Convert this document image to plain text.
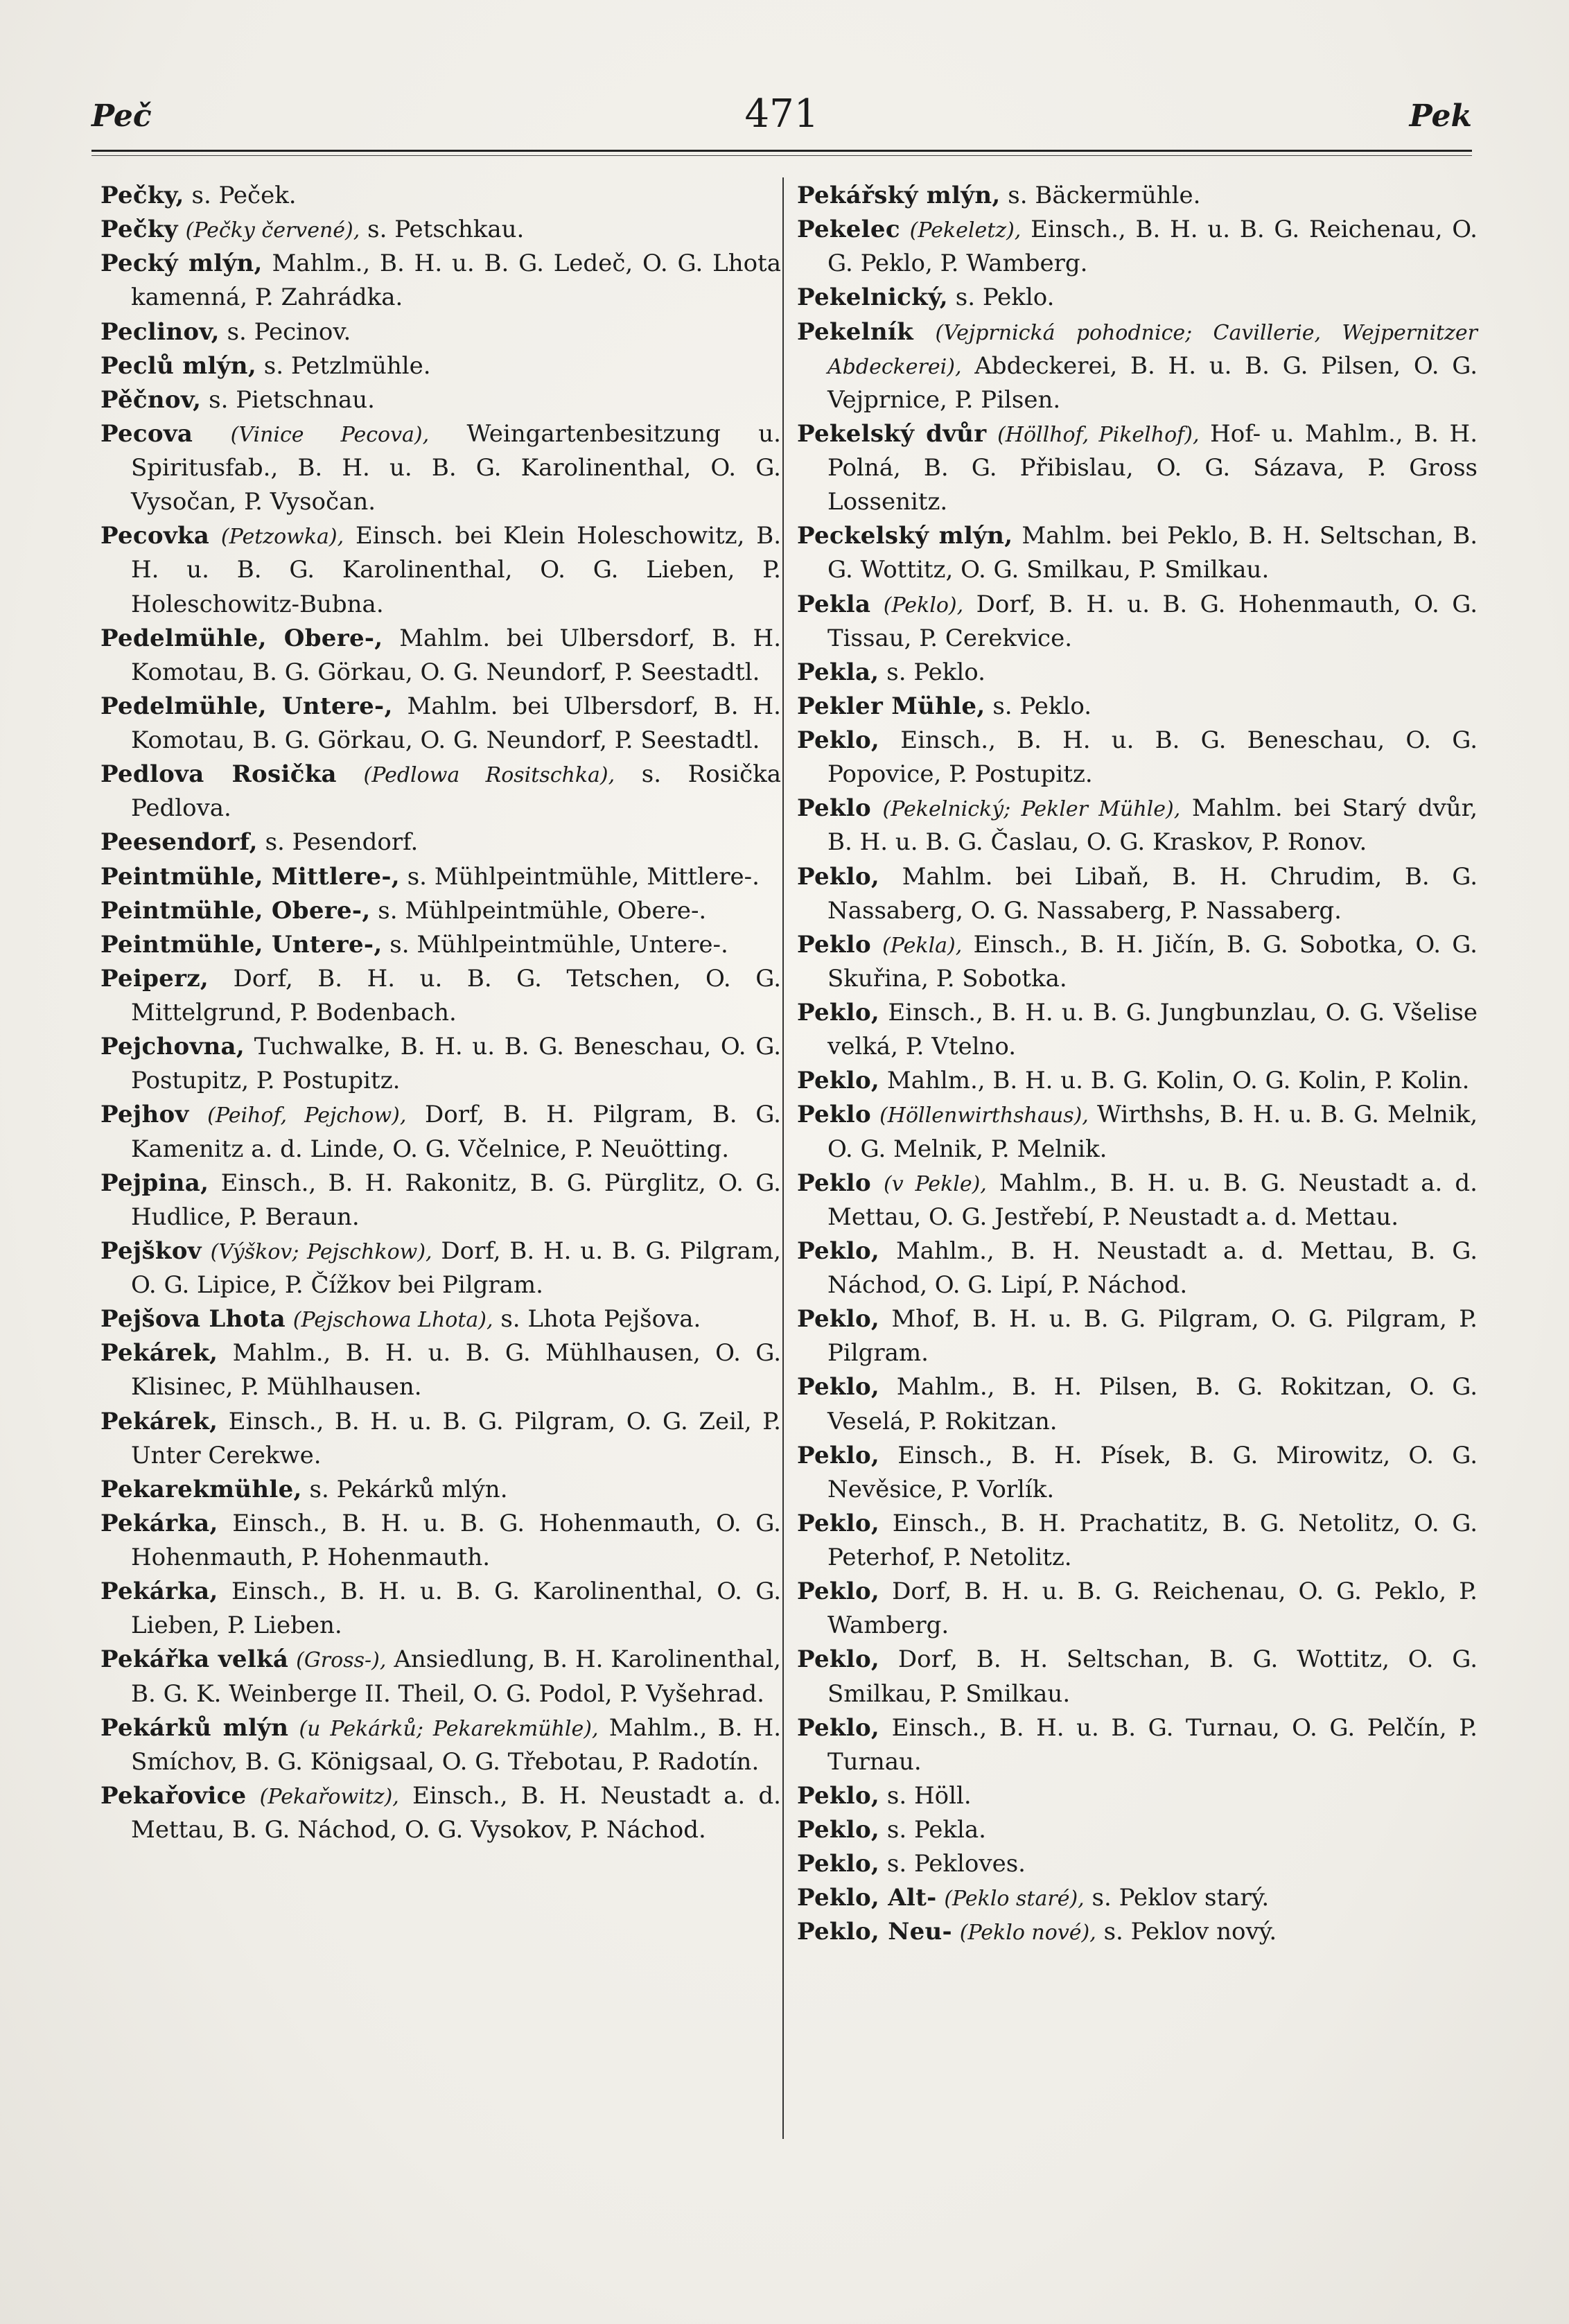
Peč	471	Pek

Pečky, s. Peček.

Pečky (Pečky červené), s. Petschkau.

Pecký mlýn, Mahlm., B. H. u. B. G. Ledeč, O. G. Lhota kamenná, P. Zahrádka.

Peclinov, s. Pecinov.

Peclů mlýn, s. Petzlmühle.

Pěčnov, s. Pietschnau.

Pecova (Vinice Pecova), Weingartenbesitzung u. Spiritusfab., B. H. u. B. G. Karolinenthal, O. G. Vysočan, P. Vysočan.

Pecovka (Petzowka), Einsch. bei Klein Holeschowitz, B. H. u. B. G. Karolinenthal, O. G. Lieben, P. Holeschowitz-Bubna.

Pedelmühle, Obere-, Mahlm. bei Ulbersdorf, B. H. Komotau, B. G. Görkau, O. G. Neundorf, P. Seestadtl.

Pedelmühle, Untere-, Mahlm. bei Ulbersdorf, B. H. Komotau, B. G. Görkau, O. G. Neundorf, P. Seestadtl.

Pedlova Rosička (Pedlowa Rositschka), s. Rosička Pedlova.

Peesendorf, s. Pesendorf.

Peintmühle, Mittlere-, s. Mühlpeintmühle, Mittlere-.

Peintmühle, Obere-, s. Mühlpeintmühle, Obere-.

Peintmühle, Untere-, s. Mühlpeintmühle, Untere-.

Peiperz, Dorf, B. H. u. B. G. Tetschen, O. G. Mittelgrund, P. Bodenbach.

Pejchovna, Tuchwalke, B. H. u. B. G. Beneschau, O. G. Postupitz, P. Postupitz.

Pejhov (Peihof, Pejchow), Dorf, B. H. Pilgram, B. G. Kamenitz a. d. Linde, O. G. Včelnice, P. Neuötting.

Pejpina, Einsch., B. H. Rakonitz, B. G. Pürglitz, O. G. Hudlice, P. Beraun.

Pejškov (Výškov; Pejschkow), Dorf, B. H. u. B. G. Pilgram, O. G. Lipice, P. Čížkov bei Pilgram.

Pejšova Lhota (Pejschowa Lhota), s. Lhota Pejšova.

Pekárek, Mahlm., B. H. u. B. G. Mühlhausen, O. G. Klisinec, P. Mühlhausen.

Pekárek, Einsch., B. H. u. B. G. Pilgram, O. G. Zeil, P. Unter Cerekwe.

Pekarekmühle, s. Pekárků mlýn.

Pekárka, Einsch., B. H. u. B. G. Hohenmauth, O. G. Hohenmauth, P. Hohenmauth.

Pekárka, Einsch., B. H. u. B. G. Karolinenthal, O. G. Lieben, P. Lieben.

Pekářka velká (Gross-), Ansiedlung, B. H. Karolinenthal, B. G. K. Weinberge II. Theil, O. G. Podol, P. Vyšehrad.

Pekárků mlýn (u Pekárků; Pekarekmühle), Mahlm., B. H. Smíchov, B. G. Königsaal, O. G. Třebotau, P. Radotín.

Pekařovice (Pekařowitz), Einsch., B. H. Neustadt a. d. Mettau, B. G. Náchod, O. G. Vysokov, P. Náchod.

Pekářský mlýn, s. Bäckermühle.

Pekelec (Pekeletz), Einsch., B. H. u. B. G. Reichenau, O. G. Peklo, P. Wamberg.

Pekelnický, s. Peklo.

Pekelník (Vejprnická pohodnice; Cavillerie, Wejpernitzer Abdeckerei), Abdeckerei, B. H. u. B. G. Pilsen, O. G. Vejprnice, P. Pilsen.

Pekelský dvůr (Höllhof, Pikelhof), Hof- u. Mahlm., B. H. Polná, B. G. Přibislau, O. G. Sázava, P. Gross Lossenitz.

Peckelský mlýn, Mahlm. bei Peklo, B. H. Seltschan, B. G. Wottitz, O. G. Smilkau, P. Smilkau.

Pekla (Peklo), Dorf, B. H. u. B. G. Hohenmauth, O. G. Tissau, P. Cerekvice.

Pekla, s. Peklo.

Pekler Mühle, s. Peklo.

Peklo, Einsch., B. H. u. B. G. Beneschau, O. G. Popovice, P. Postupitz.

Peklo (Pekelnický; Pekler Mühle), Mahlm. bei Starý dvůr, B. H. u. B. G. Časlau, O. G. Kraskov, P. Ronov.

Peklo, Mahlm. bei Libaň, B. H. Chrudim, B. G. Nassaberg, O. G. Nassaberg, P. Nassaberg.

Peklo (Pekla), Einsch., B. H. Jičín, B. G. Sobotka, O. G. Skuřina, P. Sobotka.

Peklo, Einsch., B. H. u. B. G. Jungbunzlau, O. G. Všelise velká, P. Vtelno.

Peklo, Mahlm., B. H. u. B. G. Kolin, O. G. Kolin, P. Kolin.

Peklo (Höllenwirthshaus), Wirthshs, B. H. u. B. G. Melnik, O. G. Melnik, P. Melnik.

Peklo (v Pekle), Mahlm., B. H. u. B. G. Neustadt a. d. Mettau, O. G. Jestřebí, P. Neustadt a. d. Mettau.

Peklo, Mahlm., B. H. Neustadt a. d. Mettau, B. G. Náchod, O. G. Lipí, P. Náchod.

Peklo, Mhof, B. H. u. B. G. Pilgram, O. G. Pilgram, P. Pilgram.

Peklo, Mahlm., B. H. Pilsen, B. G. Rokitzan, O. G. Veselá, P. Rokitzan.

Peklo, Einsch., B. H. Písek, B. G. Mirowitz, O. G. Nevěsice, P. Vorlík.

Peklo, Einsch., B. H. Prachatitz, B. G. Netolitz, O. G. Peterhof, P. Netolitz.

Peklo, Dorf, B. H. u. B. G. Reichenau, O. G. Peklo, P. Wamberg.

Peklo, Dorf, B. H. Seltschan, B. G. Wottitz, O. G. Smilkau, P. Smilkau.

Peklo, Einsch., B. H. u. B. G. Turnau, O. G. Pelčín, P. Turnau.

Peklo, s. Höll.

Peklo, s. Pekla.

Peklo, s. Pekloves.

Peklo, Alt- (Peklo staré), s. Peklov starý.

Peklo, Neu- (Peklo nové), s. Peklov nový.
